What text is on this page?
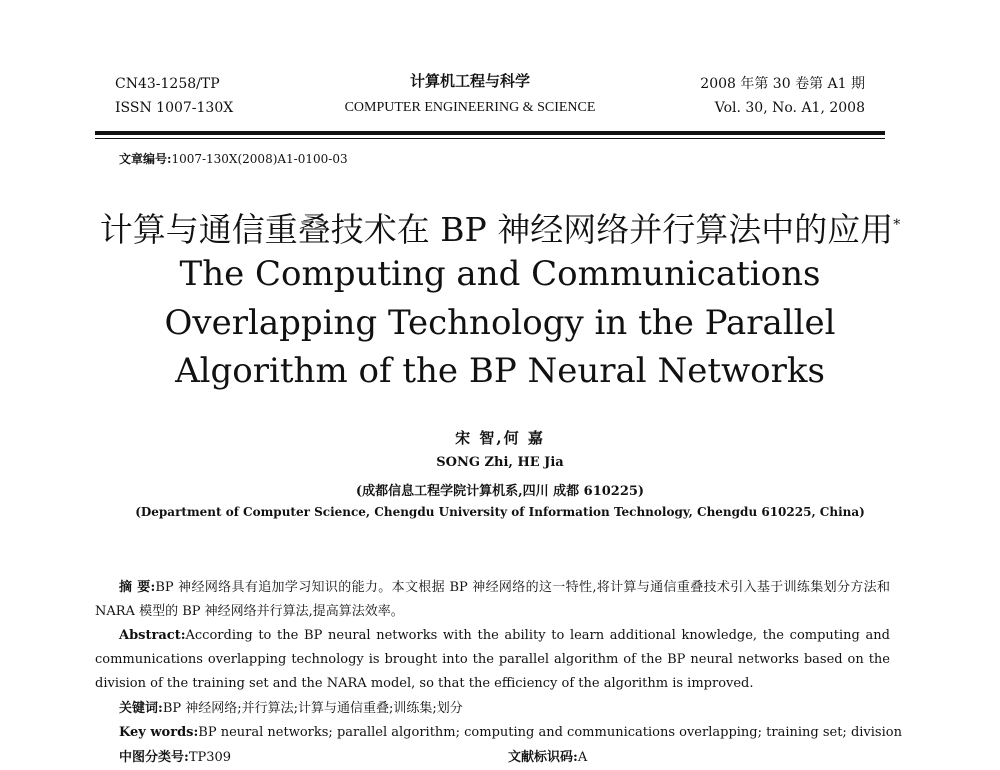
CN43-1258/TP
ISSN 1007-130X
计算机工程与科学
COMPUTER ENGINEERING & SCIENCE
2008 年第 30 卷第 A1 期
Vol. 30, No. A1, 2008
文章编号:1007-130X(2008)A1-0100-03
计算与通信重叠技术在 BP 神经网络并行算法中的应用*
The Computing and Communications
Overlapping Technology in the Parallel
Algorithm of the BP Neural Networks
宋 智,何 嘉
SONG Zhi, HE Jia
(成都信息工程学院计算机系,四川 成都 610225)
(Department of Computer Science, Chengdu University of Information Technology, Chengdu 610225, China)
摘 要:BP 神经网络具有追加学习知识的能力。本文根据 BP 神经网络的这一特性,将计算与通信重叠技术引入基于训练集划分方法和 NARA 模型的 BP 神经网络并行算法,提高算法效率。
Abstract:According to the BP neural networks with the ability to learn additional knowledge, the computing and communications overlapping technology is brought into the parallel algorithm of the BP neural networks based on the division of the training set and the NARA model, so that the efficiency of the algorithm is improved.
关键词:BP 神经网络;并行算法;计算与通信重叠;训练集;划分
Key words:BP neural networks; parallel algorithm; computing and communications overlapping; training set; division
中图分类号:TP309	文献标识码:A
